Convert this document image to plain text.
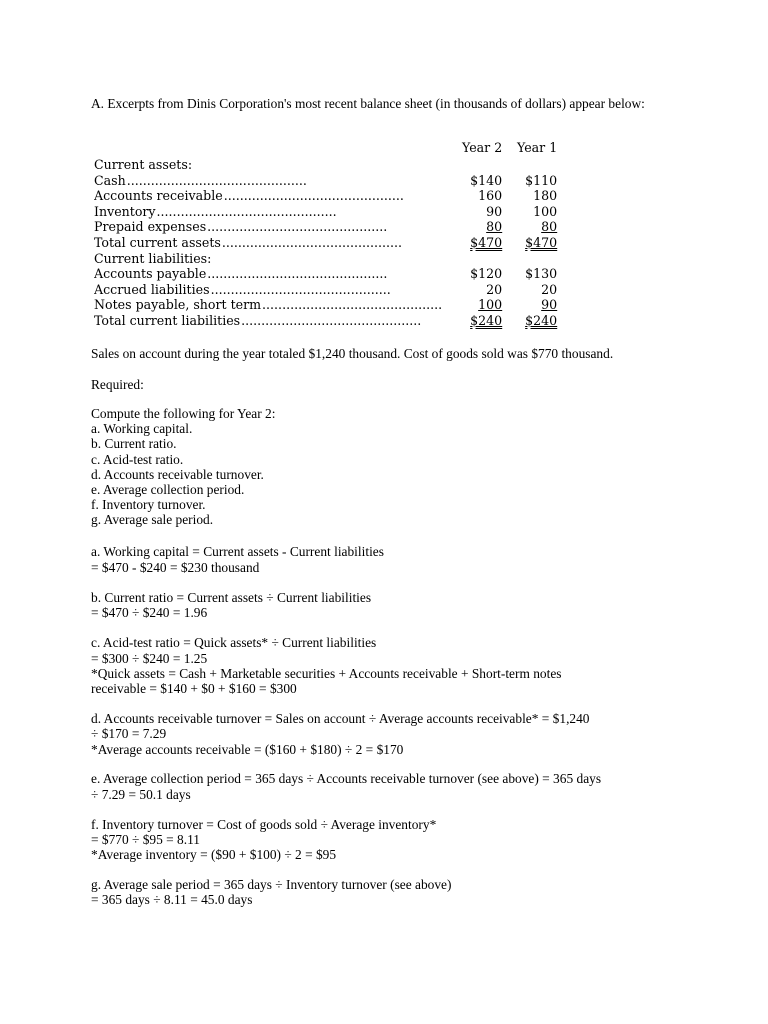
A. Excerpts from Dinis Corporation's most recent balance sheet (in thousands of dollars) appear below:
	Year 2	Year 1
Current assets:		
Cash.............................................	$140	$110
Accounts receivable.............................................	160	180
Inventory.............................................	90	100
Prepaid expenses.............................................	80	80
Total current assets.............................................	$470	$470
Current liabilities:		
Accounts payable.............................................	$120	$130
Accrued liabilities.............................................	20	20
Notes payable, short term.............................................	100	90
Total current liabilities.............................................	$240	$240
Sales on account during the year totaled $1,240 thousand. Cost of goods sold was $770 thousand.
Required:
Compute the following for Year 2:
a. Working capital.
b. Current ratio.
c. Acid-test ratio.
d. Accounts receivable turnover.
e. Average collection period.
f. Inventory turnover.
g. Average sale period.
a. Working capital = Current assets - Current liabilities
= $470 - $240 = $230 thousand
b. Current ratio = Current assets ÷ Current liabilities
= $470 ÷ $240 = 1.96
c. Acid-test ratio = Quick assets* ÷ Current liabilities
= $300 ÷ $240 = 1.25
*Quick assets = Cash + Marketable securities + Accounts receivable + Short-term notes
receivable = $140 + $0 + $160 = $300
d. Accounts receivable turnover = Sales on account ÷ Average accounts receivable* = $1,240
÷ $170 = 7.29
*Average accounts receivable = ($160 + $180) ÷ 2 = $170
e. Average collection period = 365 days ÷ Accounts receivable turnover (see above) = 365 days
÷ 7.29 = 50.1 days
f. Inventory turnover = Cost of goods sold ÷ Average inventory*
= $770 ÷ $95 = 8.11
*Average inventory = ($90 + $100) ÷ 2 = $95
g. Average sale period = 365 days ÷ Inventory turnover (see above)
= 365 days ÷ 8.11 = 45.0 days
